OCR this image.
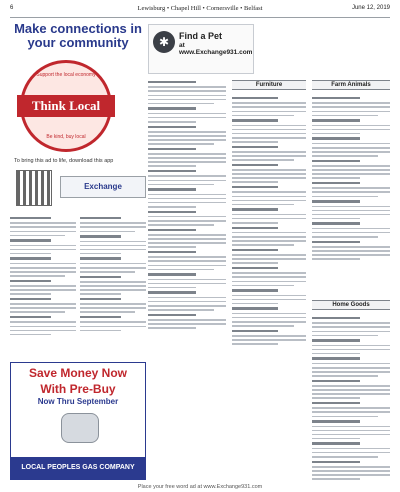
6	Lewisburg • Chapel Hill • Cornersville • Belfast	June 12, 2019
Make connections in your community
Support the local economy
Think Local
Be kind, buy local
To bring this ad to life, download this app
Exchange
✱	Find a Pet
at www.Exchange931.com
Furniture	Farm Animals
Home Goods
Save Money Now
With Pre-Buy
Now Thru September
LOCAL PEOPLES GAS COMPANY
Place your free word ad at www.Exchange931.com
